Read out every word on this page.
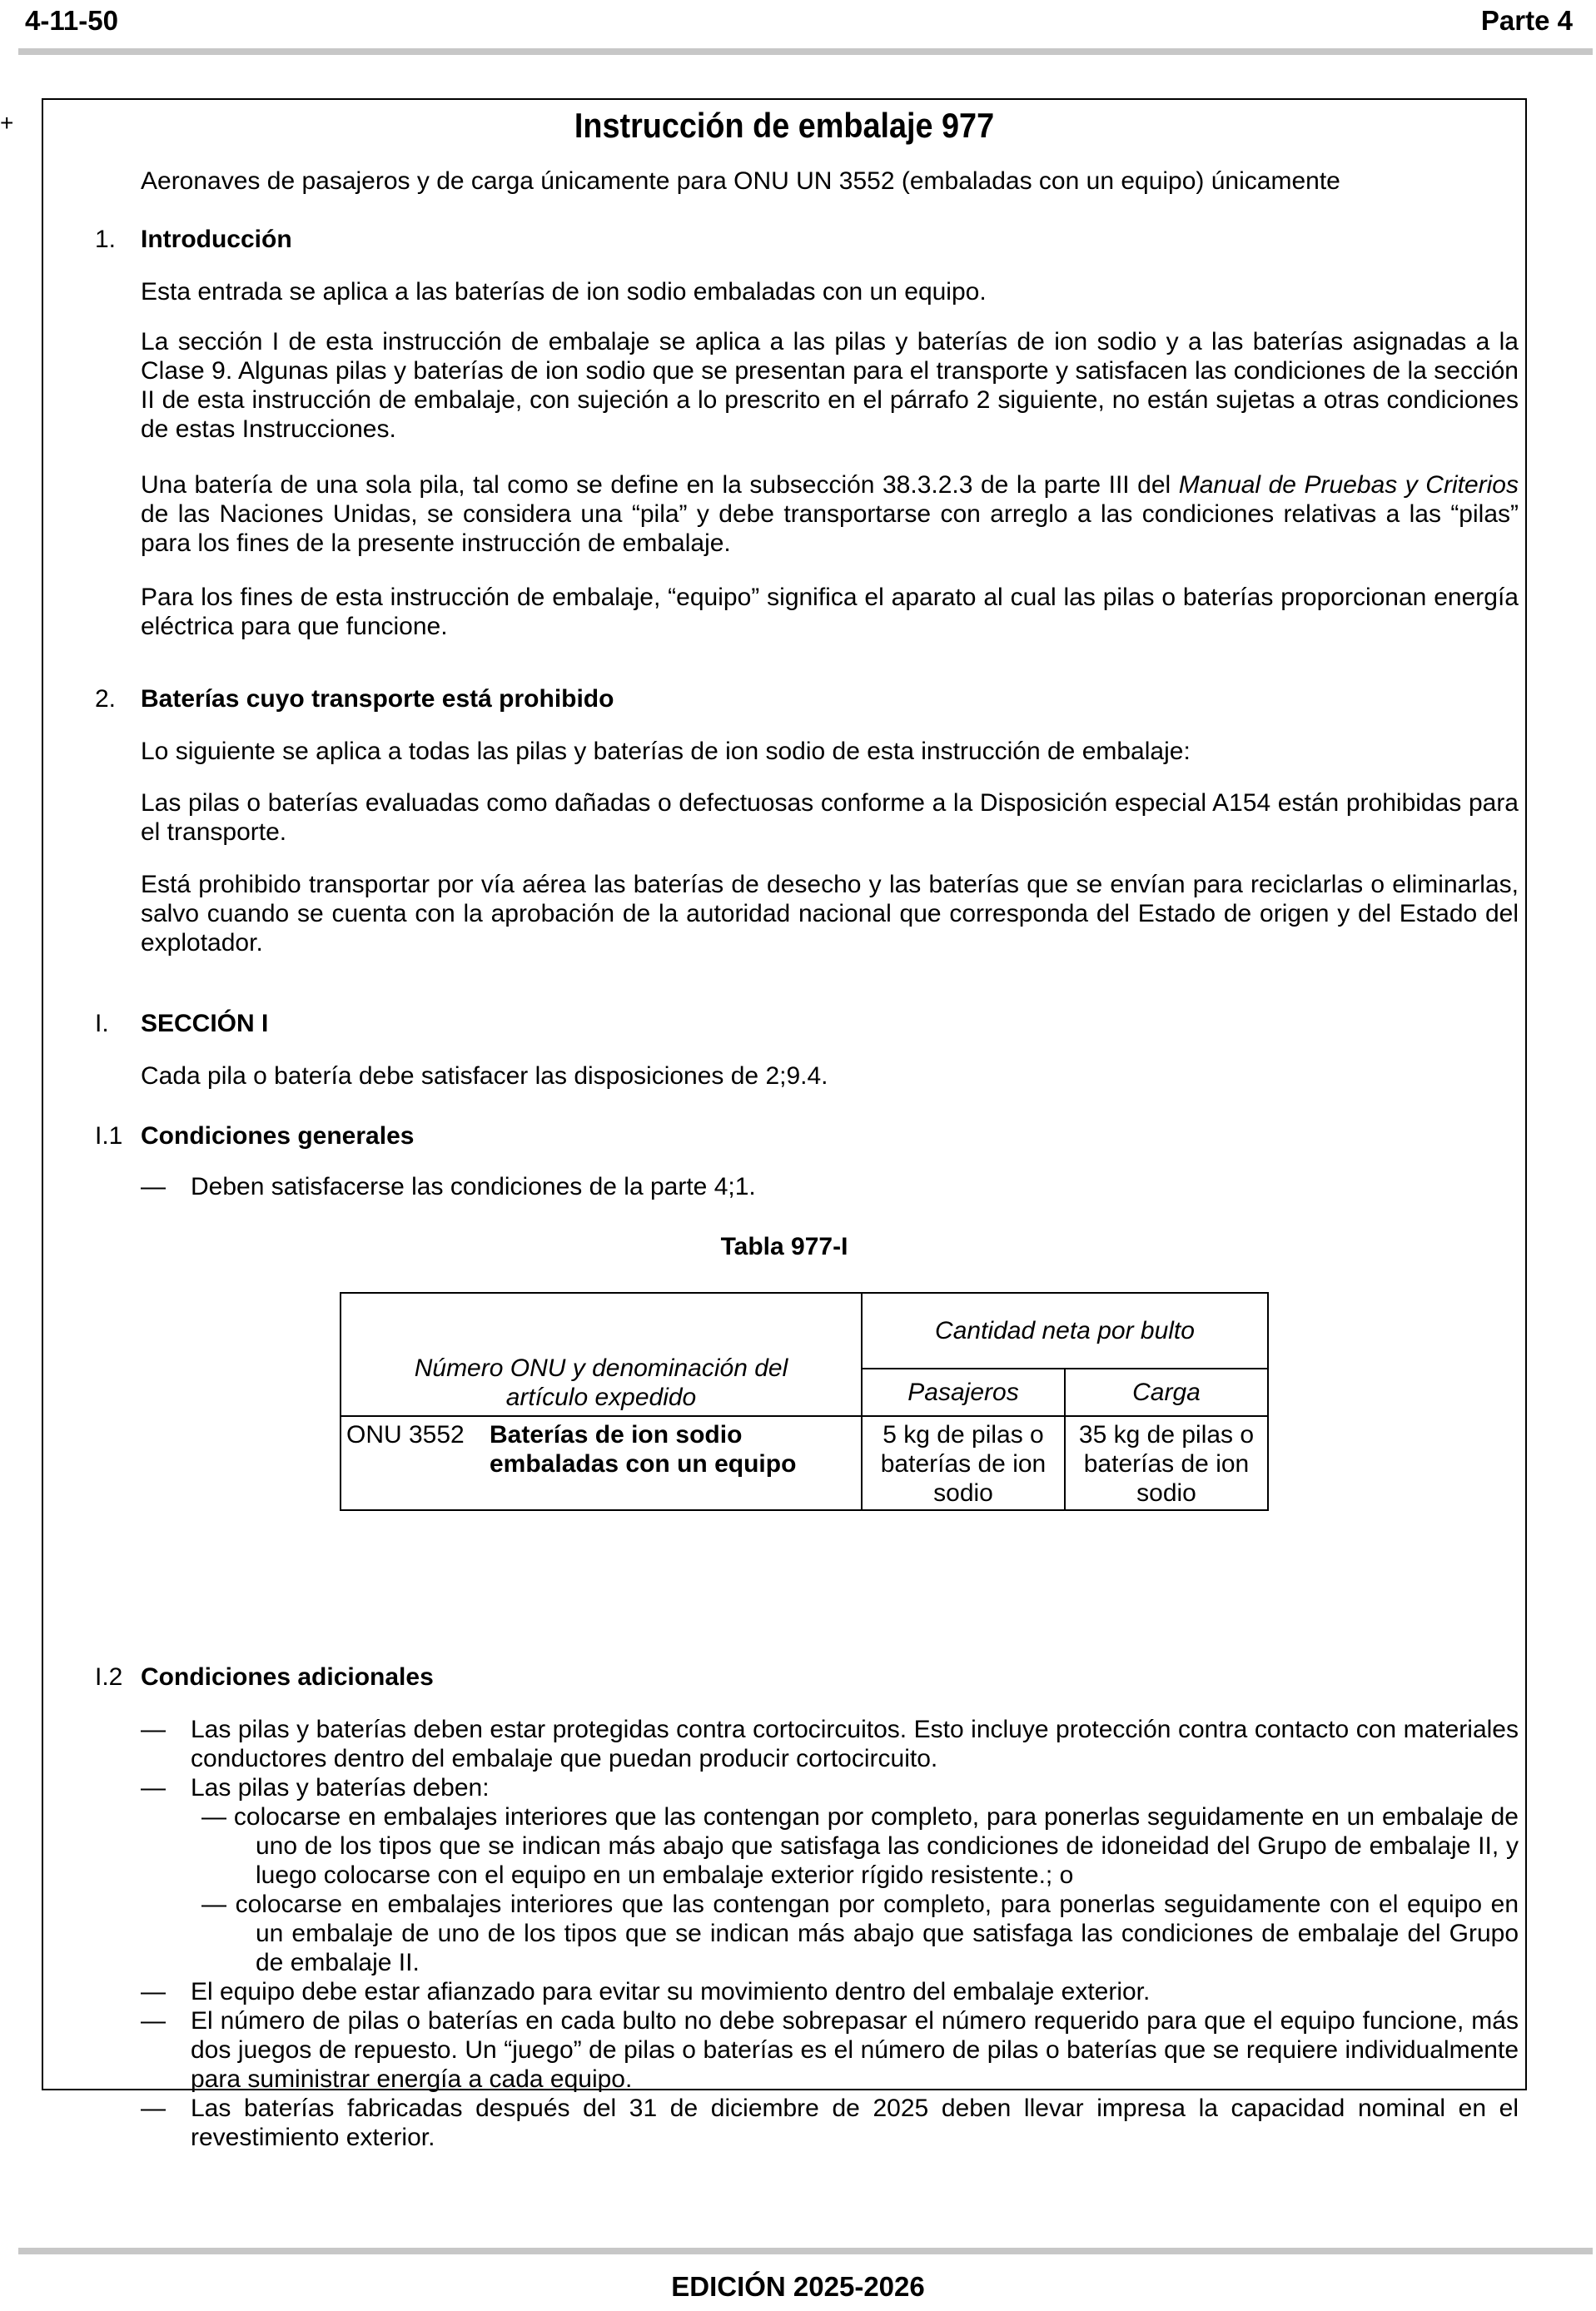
4-11-50	Parte 4
+	Instrucción de embalaje 977

Aeronaves de pasajeros y de carga únicamente para ONU UN 3552 (embaladas con un equipo) únicamente

1. Introducción

Esta entrada se aplica a las baterías de ion sodio embaladas con un equipo.

La sección I de esta instrucción de embalaje se aplica a las pilas y baterías de ion sodio y a las baterías asignadas a la Clase 9. Algunas pilas y baterías de ion sodio que se presentan para el transporte y satisfacen las condiciones de la sección II de esta instrucción de embalaje, con sujeción a lo prescrito en el párrafo 2 siguiente, no están sujetas a otras condiciones de estas Instrucciones.

Una batería de una sola pila, tal como se define en la subsección 38.3.2.3 de la parte III del Manual de Pruebas y Criterios de las Naciones Unidas, se considera una “pila” y debe transportarse con arreglo a las condiciones relativas a las “pilas” para los fines de la presente instrucción de embalaje.

Para los fines de esta instrucción de embalaje, “equipo” significa el aparato al cual las pilas o baterías proporcionan energía eléctrica para que funcione.

2. Baterías cuyo transporte está prohibido

Lo siguiente se aplica a todas las pilas y baterías de ion sodio de esta instrucción de embalaje:

Las pilas o baterías evaluadas como dañadas o defectuosas conforme a la Disposición especial A154 están prohibidas para el transporte.

Está prohibido transportar por vía aérea las baterías de desecho y las baterías que se envían para reciclarlas o eliminarlas, salvo cuando se cuenta con la aprobación de la autoridad nacional que corresponda del Estado de origen y del Estado del explotador.

I. SECCIÓN I

Cada pila o batería debe satisfacer las disposiciones de 2;9.4.

I.1 Condiciones generales
— Deben satisfacerse las condiciones de la parte 4;1.

Tabla 977-I
Número ONU y denominación del artículo expedido		Cantidad neta por bulto	
		Pasajeros	Carga
ONU 3552	Baterías de ion sodio embaladas con un equipo	5 kg de pilas o baterías de ion sodio	35 kg de pilas o baterías de ion sodio
I.2 Condiciones adicionales
— Las pilas y baterías deben estar protegidas contra cortocircuitos. Esto incluye protección contra contacto con materiales conductores dentro del embalaje que puedan producir cortocircuito.

— Las pilas y baterías deben:

— colocarse en embalajes interiores que las contengan por completo, para ponerlas seguidamente en un embalaje de uno de los tipos que se indican más abajo que satisfaga las condiciones de idoneidad del Grupo de embalaje II, y luego colocarse con el equipo en un embalaje exterior rígido resistente.; o

— colocarse en embalajes interiores que las contengan por completo, para ponerlas seguidamente con el equipo en un embalaje de uno de los tipos que se indican más abajo que satisfaga las condiciones de embalaje del Grupo de embalaje II.

— El equipo debe estar afianzado para evitar su movimiento dentro del embalaje exterior.

— El número de pilas o baterías en cada bulto no debe sobrepasar el número requerido para que el equipo funcione, más dos juegos de repuesto. Un “juego” de pilas o baterías es el número de pilas o baterías que se requiere individualmente para suministrar energía a cada equipo.

— Las baterías fabricadas después del 31 de diciembre de 2025 deben llevar impresa la capacidad nominal en el revestimiento exterior.

EDICIÓN 2025-2026
